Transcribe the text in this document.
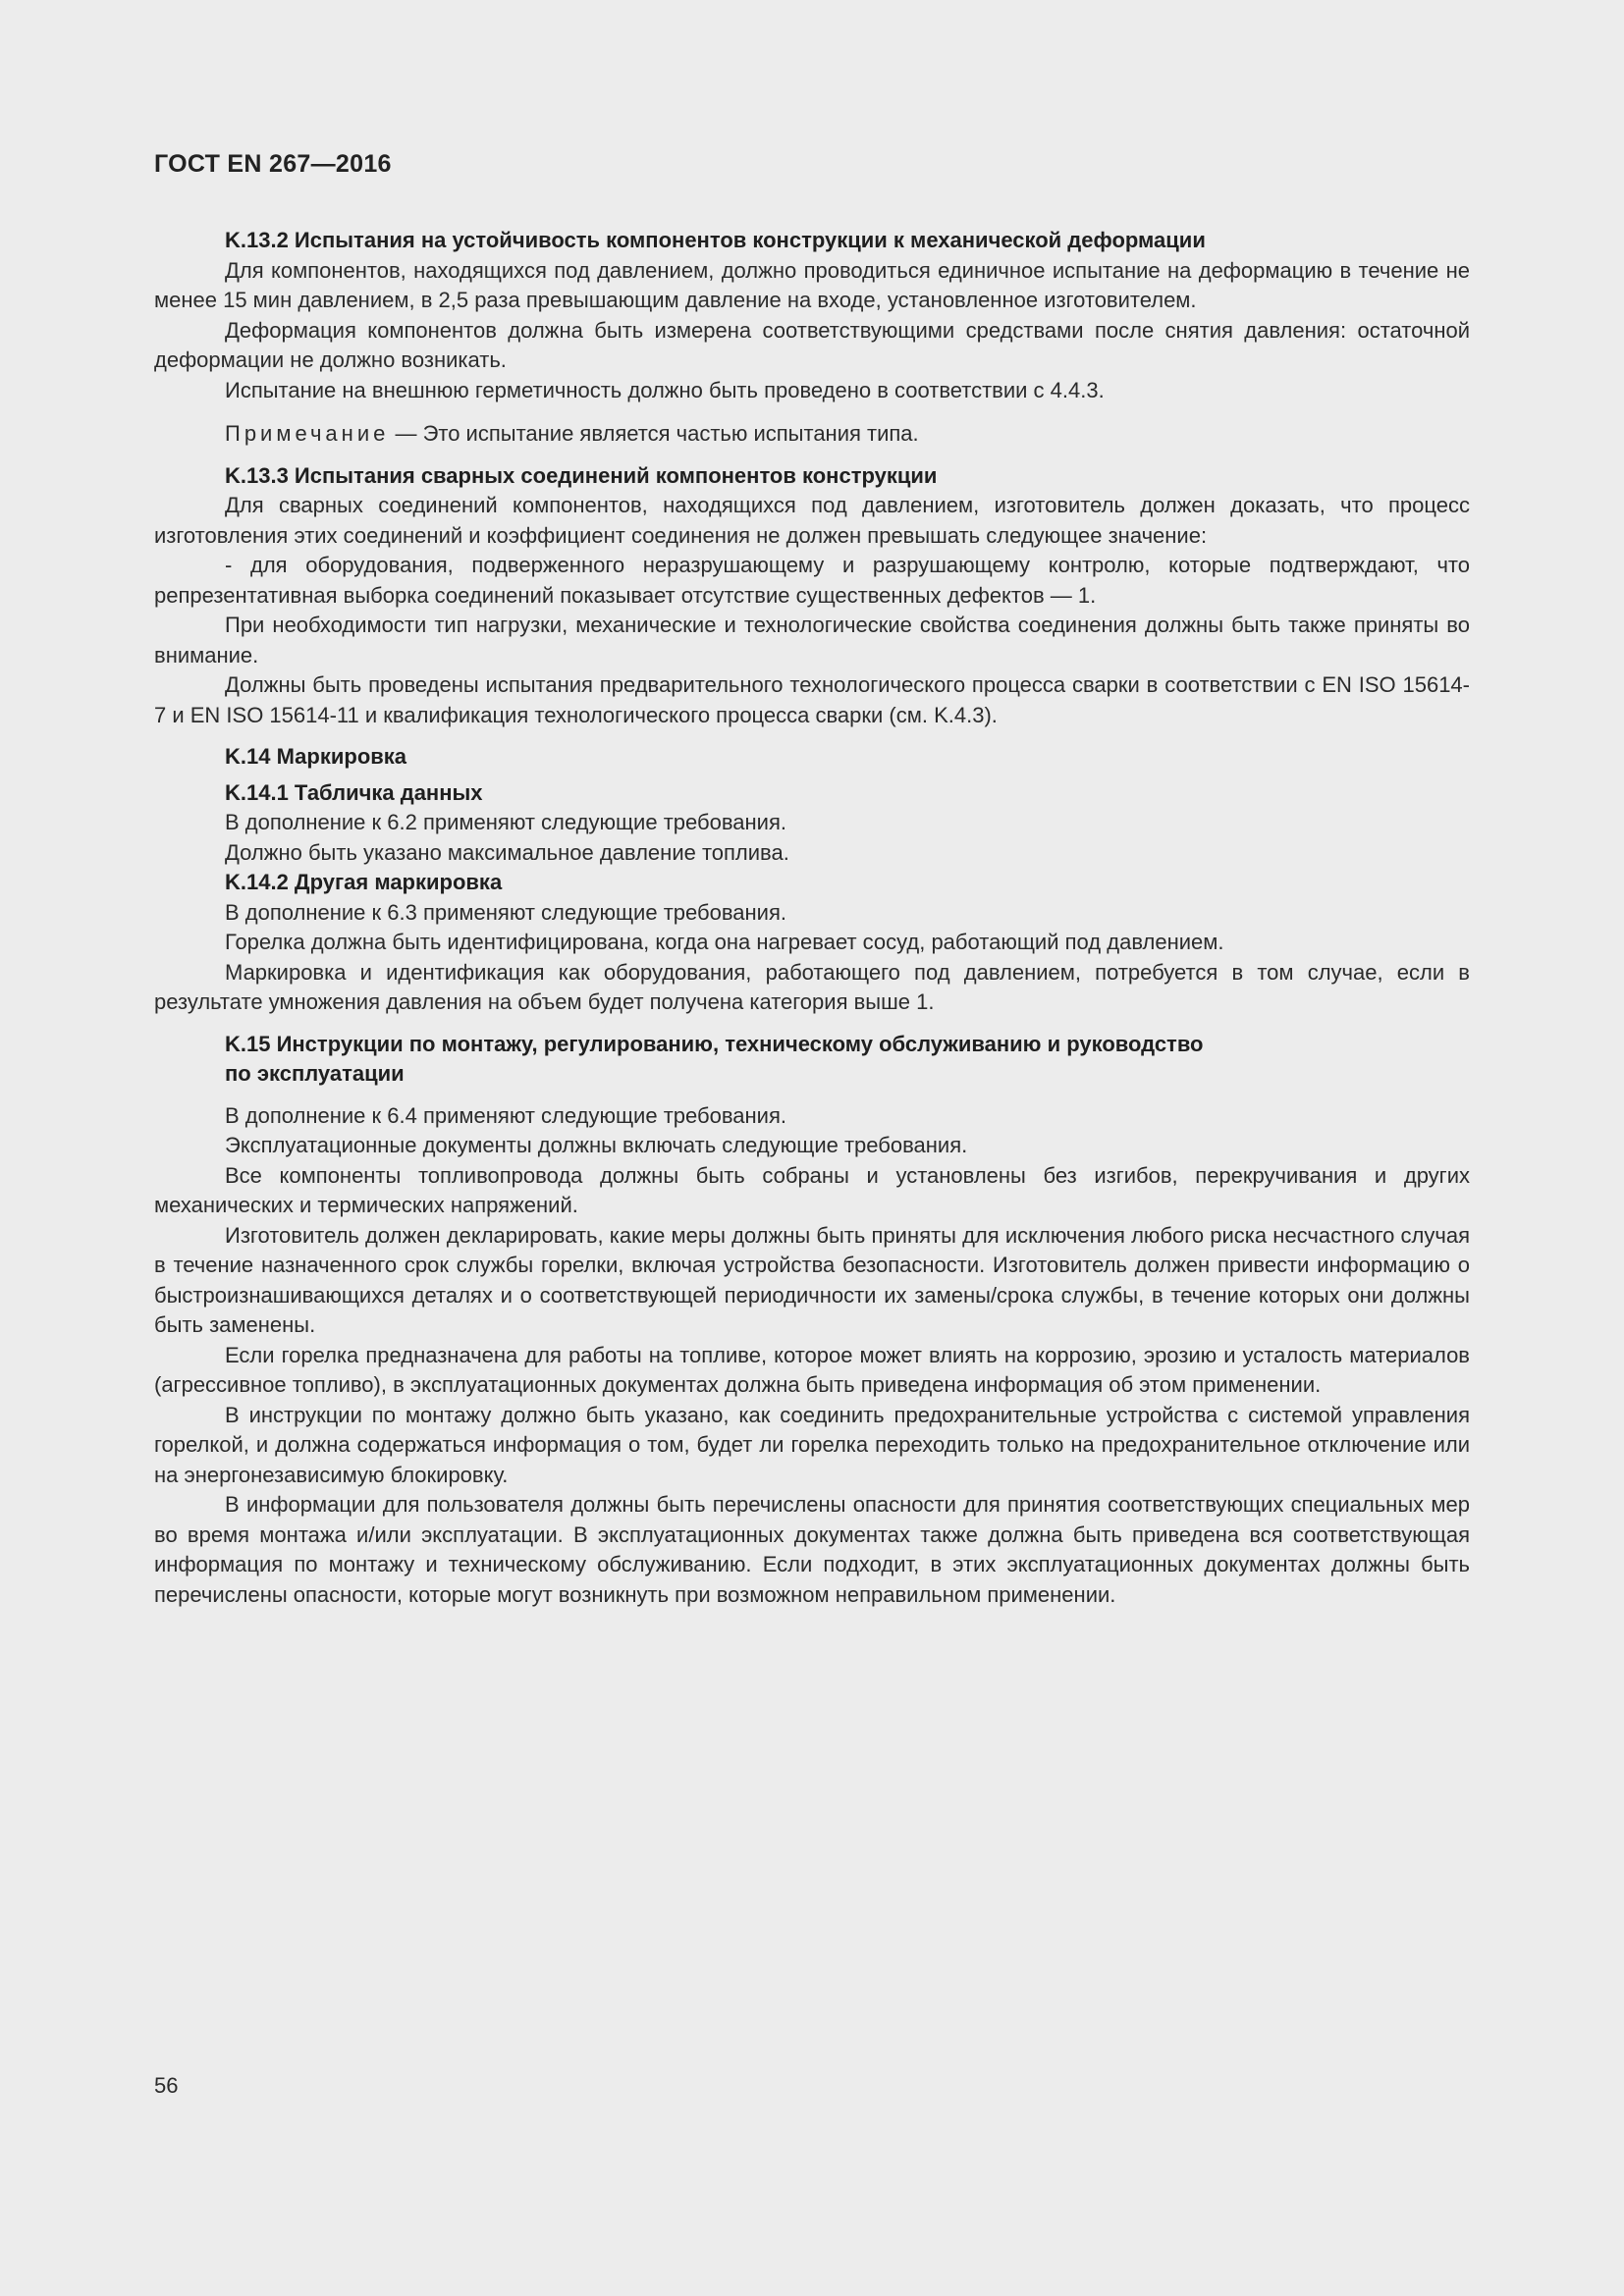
ГОСТ EN 267—2016
K.13.2 Испытания на устойчивость компонентов конструкции к механической деформации

Для компонентов, находящихся под давлением, должно проводиться единичное испытание на деформацию в течение не менее 15 мин давлением, в 2,5 раза превышающим давление на входе, установленное изготовителем.

Деформация компонентов должна быть измерена соответствующими средствами после снятия давления: остаточной деформации не должно возникать.

Испытание на внешнюю герметичность должно быть проведено в соответствии с 4.4.3.

Примечание — Это испытание является частью испытания типа.

K.13.3 Испытания сварных соединений компонентов конструкции

Для сварных соединений компонентов, находящихся под давлением, изготовитель должен доказать, что процесс изготовления этих соединений и коэффициент соединения не должен превышать следующее значение:

- для оборудования, подверженного неразрушающему и разрушающему контролю, которые подтверждают, что репрезентативная выборка соединений показывает отсутствие существенных дефектов — 1.

При необходимости тип нагрузки, механические и технологические свойства соединения должны быть также приняты во внимание.

Должны быть проведены испытания предварительного технологического процесса сварки в соответствии с EN ISO 15614-7 и EN ISO 15614-11 и квалификация технологического процесса сварки (см. K.4.3).

K.14 Маркировка
K.14.1 Табличка данных

В дополнение к 6.2 применяют следующие требования.

Должно быть указано максимальное давление топлива.

K.14.2 Другая маркировка

В дополнение к 6.3 применяют следующие требования.

Горелка должна быть идентифицирована, когда она нагревает сосуд, работающий под давлением.

Маркировка и идентификация как оборудования, работающего под давлением, потребуется в том случае, если в результате умножения давления на объем будет получена категория выше 1.

K.15 Инструкции по монтажу, регулированию, техническому обслуживанию и руководство
по эксплуатации

В дополнение к 6.4 применяют следующие требования.

Эксплуатационные документы должны включать следующие требования.

Все компоненты топливопровода должны быть собраны и установлены без изгибов, перекручивания и других механических и термических напряжений.

Изготовитель должен декларировать, какие меры должны быть приняты для исключения любого риска несчастного случая в течение назначенного срок службы горелки, включая устройства безопасности. Изготовитель должен привести информацию о быстроизнашивающихся деталях и о соответствующей периодичности их замены/срока службы, в течение которых они должны быть заменены.

Если горелка предназначена для работы на топливе, которое может влиять на коррозию, эрозию и усталость материалов (агрессивное топливо), в эксплуатационных документах должна быть приведена информация об этом применении.

В инструкции по монтажу должно быть указано, как соединить предохранительные устройства с системой управления горелкой, и должна содержаться информация о том, будет ли горелка переходить только на предохранительное отключение или на энергонезависимую блокировку.

В информации для пользователя должны быть перечислены опасности для принятия соответствующих специальных мер во время монтажа и/или эксплуатации. В эксплуатационных документах также должна быть приведена вся соответствующая информация по монтажу и техническому обслуживанию. Если подходит, в этих эксплуатационных документах должны быть перечислены опасности, которые могут возникнуть при возможном неправильном применении.

56
